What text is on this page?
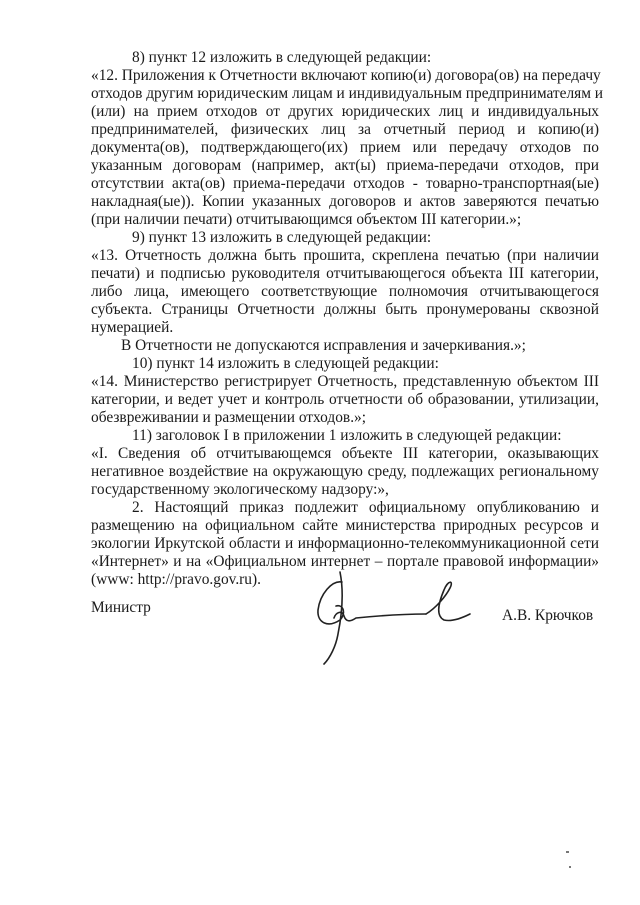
8) пункт 12 изложить в следующей редакции:
«12. Приложения к Отчетности включают копию(и) договора(ов) на передачу
отходов другим юридическим лицам и индивидуальным предпринимателям и
(или) на прием отходов от других юридических лиц и индивидуальных
предпринимателей, физических лиц за отчетный период и копию(и)
документа(ов), подтверждающего(их) прием или передачу отходов по
указанным договорам (например, акт(ы) приема-передачи отходов, при
отсутствии акта(ов) приема-передачи отходов - товарно-транспортная(ые)
накладная(ые)). Копии указанных договоров и актов заверяются печатью
(при наличии печати) отчитывающимся объектом III категории.»;
9) пункт 13 изложить в следующей редакции:
«13. Отчетность должна быть прошита, скреплена печатью (при наличии
печати) и подписью руководителя отчитывающегося объекта III категории,
либо лица, имеющего соответствующие полномочия отчитывающегося
субъекта. Страницы Отчетности должны быть пронумерованы сквозной
нумерацией.
В Отчетности не допускаются исправления и зачеркивания.»;
10) пункт 14 изложить в следующей редакции:
«14. Министерство регистрирует Отчетность, представленную объектом III
категории, и ведет учет и контроль отчетности об образовании, утилизации,
обезвреживании и размещении отходов.»;
11) заголовок I в приложении 1 изложить в следующей редакции:
«I. Сведения об отчитывающемся объекте III категории, оказывающих
негативное воздействие на окружающую среду, подлежащих региональному
государственному экологическому надзору:»,
2. Настоящий приказ подлежит официальному опубликованию и
размещению на официальном сайте министерства природных ресурсов и
экологии Иркутской области и информационно-телекоммуникационной сети
«Интернет» и на «Официальном интернет – портале правовой информации»
(www: http://pravo.gov.ru).
Министр	А.В. Крючков
